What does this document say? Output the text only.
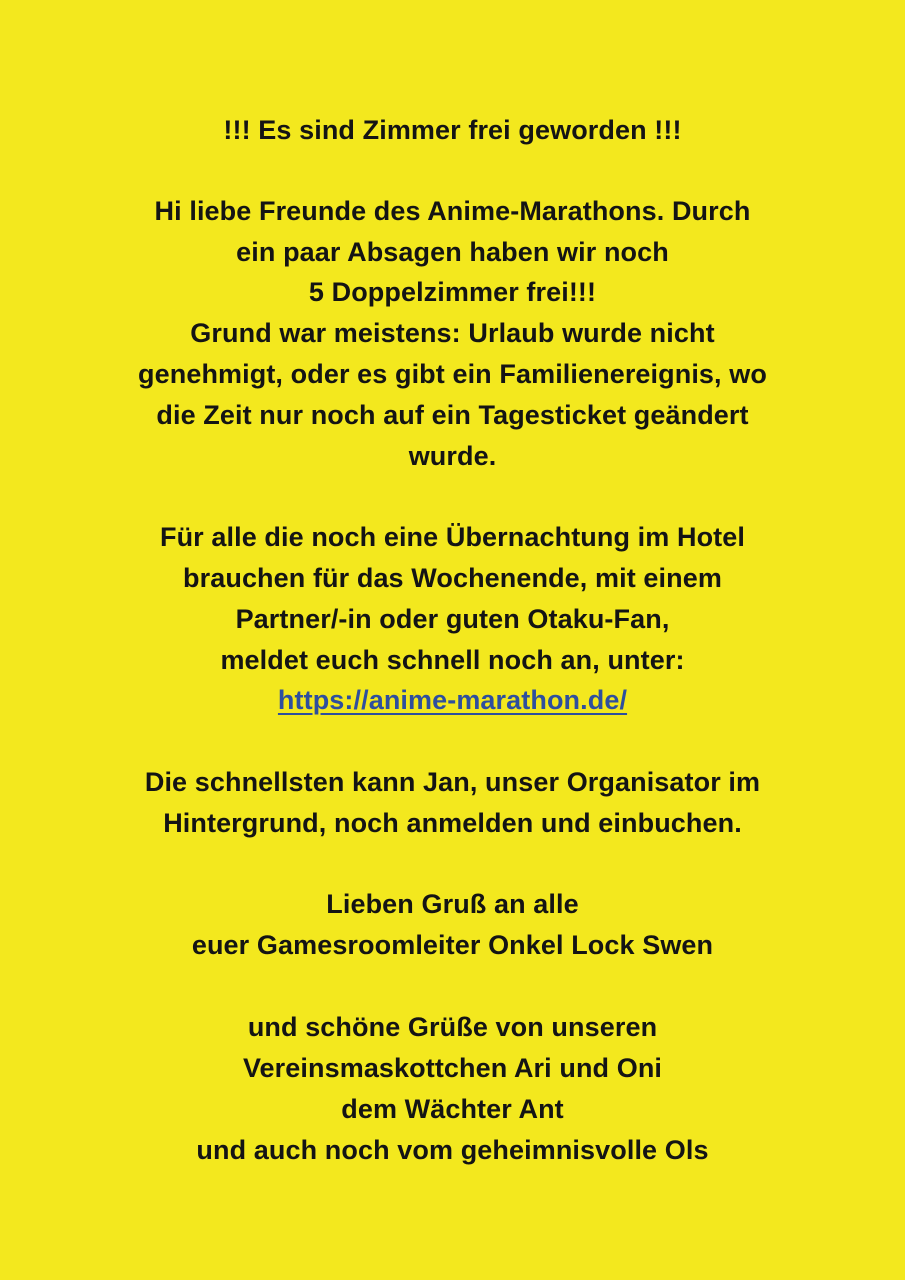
!!! Es sind Zimmer frei geworden !!!
Hi liebe Freunde des Anime-Marathons. Durch
ein paar Absagen haben wir noch
5 Doppelzimmer frei!!!
Grund war meistens: Urlaub wurde nicht
genehmigt, oder es gibt ein Familienereignis, wo
die Zeit nur noch auf ein Tagesticket geändert
wurde.
Für alle die noch eine Übernachtung im Hotel
brauchen für das Wochenende, mit einem
Partner/-in oder guten Otaku-Fan,
meldet euch schnell noch an, unter:
https://anime-marathon.de/
Die schnellsten kann Jan, unser Organisator im
Hintergrund, noch anmelden und einbuchen.
Lieben Gruß an alle
euer Gamesroomleiter Onkel Lock Swen
und schöne Grüße von unseren
Vereinsmaskottchen Ari und Oni
dem Wächter Ant
und auch noch vom geheimnisvolle Ols
